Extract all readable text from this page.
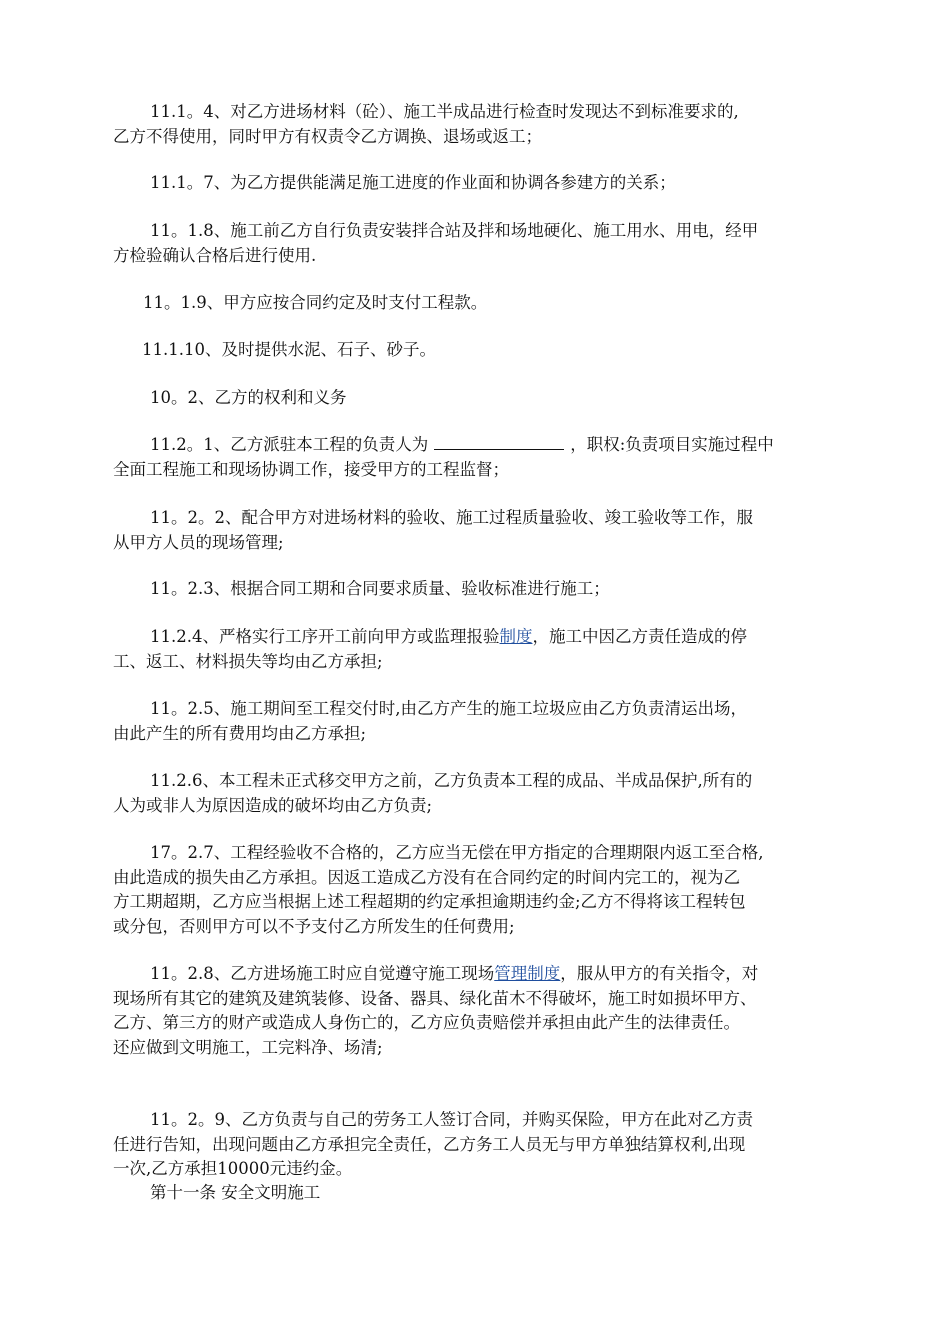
11.1。4、对乙方进场材料（砼）、施工半成品进行检查时发现达不到标准要求的,
乙方不得使用，同时甲方有权责令乙方调换、退场或返工；
11.1。7、为乙方提供能满足施工进度的作业面和协调各参建方的关系；
11。1.8、施工前乙方自行负责安装拌合站及拌和场地硬化、施工用水、用电，经甲
方检验确认合格后进行使用.
11。1.9、甲方应按合同约定及时支付工程款。
11.1.10、及时提供水泥、石子、砂子。
10。2、乙方的权利和义务
11.2。1、乙方派驻本工程的负责人为	，职权:负责项目实施过程中
全面工程施工和现场协调工作，接受甲方的工程监督；
11。2。2、配合甲方对进场材料的验收、施工过程质量验收、竣工验收等工作，服
从甲方人员的现场管理;
11。2.3、根据合同工期和合同要求质量、验收标准进行施工；
11.2.4、严格实行工序开工前向甲方或监理报验制度，施工中因乙方责任造成的停
工、返工、材料损失等均由乙方承担;
11。2.5、施工期间至工程交付时,由乙方产生的施工垃圾应由乙方负责清运出场，
由此产生的所有费用均由乙方承担;
11.2.6、本工程未正式移交甲方之前，乙方负责本工程的成品、半成品保护,所有的
人为或非人为原因造成的破坏均由乙方负责;
17。2.7、工程经验收不合格的，乙方应当无偿在甲方指定的合理期限内返工至合格,
由此造成的损失由乙方承担。因返工造成乙方没有在合同约定的时间内完工的，视为乙
方工期超期，乙方应当根据上述工程超期的约定承担逾期违约金;乙方不得将该工程转包
或分包，否则甲方可以不予支付乙方所发生的任何费用;
11。2.8、乙方进场施工时应自觉遵守施工现场管理制度，服从甲方的有关指令，对
现场所有其它的建筑及建筑装修、设备、器具、绿化苗木不得破坏，施工时如损坏甲方、
乙方、第三方的财产或造成人身伤亡的，乙方应负责赔偿并承担由此产生的法律责任。
还应做到文明施工，工完料净、场清;
11。2。9、乙方负责与自己的劳务工人签订合同，并购买保险，甲方在此对乙方责
任进行告知，出现问题由乙方承担完全责任，乙方务工人员无与甲方单独结算权利,出现
一次,乙方承担10000元违约金。
第十一条 安全文明施工
